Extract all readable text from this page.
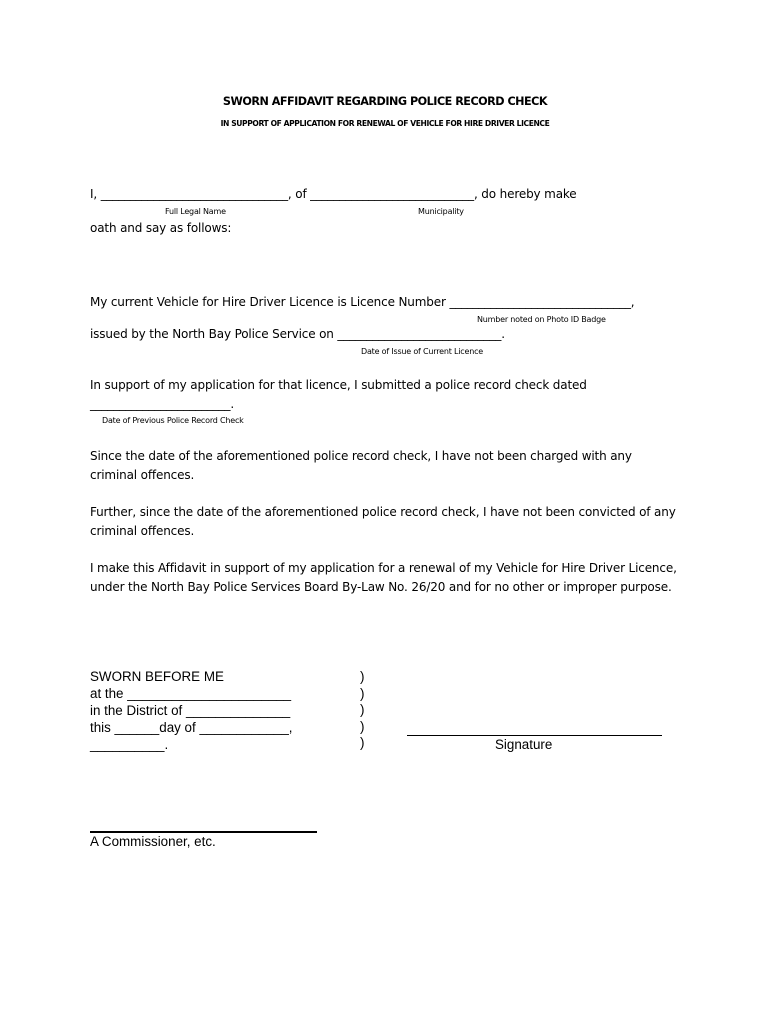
SWORN AFFIDAVIT REGARDING POLICE RECORD CHECK
IN SUPPORT OF APPLICATION FOR RENEWAL OF VEHICLE FOR HIRE DRIVER LICENCE
I, ________________________________, of ____________________________, do hereby make
Full Legal Name	Municipality
oath and say as follows:
My current Vehicle for Hire Driver Licence is Licence Number _______________________________,
Number noted on Photo ID Badge
issued by the North Bay Police Service on ____________________________.
Date of Issue of Current Licence
In support of my application for that licence, I submitted a police record check dated
________________________.
Date of Previous Police Record Check
Since the date of the aforementioned police record check, I have not been charged with any criminal offences.
Further, since the date of the aforementioned police record check, I have not been convicted of any criminal offences.
I make this Affidavit in support of my application for a renewal of my Vehicle for Hire Driver Licence, under the North Bay Police Services Board By-Law No. 26/20 and for no other or improper purpose.
SWORN BEFORE ME
at the ______________________
in the District of ______________
this ______day of ____________,
__________.
)
)
)
)
)	Signature
A Commissioner, etc.
